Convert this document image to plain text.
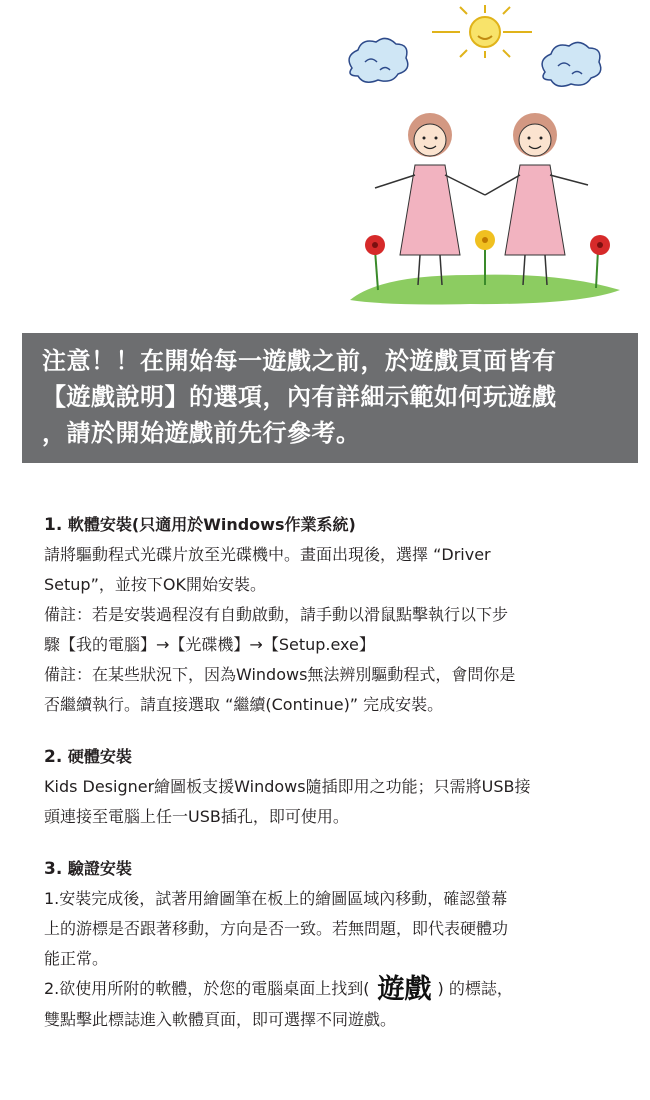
注意！！在開始每一遊戲之前，於遊戲頁面皆有
【遊戲說明】的選項，內有詳細示範如何玩遊戲
，請於開始遊戲前先行參考。
1. 軟體安裝(只適用於Windows作業系統)
請將驅動程式光碟片放至光碟機中。畫面出現後，選擇 “Driver
Setup”，並按下OK開始安裝。
備註：若是安裝過程沒有自動啟動，請手動以滑鼠點擊執行以下步
驟【我的電腦】→【光碟機】→【Setup.exe】
備註：在某些狀況下，因為Windows無法辨別驅動程式，會問你是
否繼續執行。請直接選取 “繼續(Continue)” 完成安裝。
2. 硬體安裝
Kids Designer繪圖板支援Windows隨插即用之功能；只需將USB接
頭連接至電腦上任一USB插孔，即可使用。
3. 驗證安裝
1.安裝完成後，試著用繪圖筆在板上的繪圖區域內移動，確認螢幕
上的游標是否跟著移動，方向是否一致。若無問題，即代表硬體功
能正常。
2.欲使用所附的軟體，於您的電腦桌面上找到( 遊戲 ) 的標誌，
雙點擊此標誌進入軟體頁面，即可選擇不同遊戲。
